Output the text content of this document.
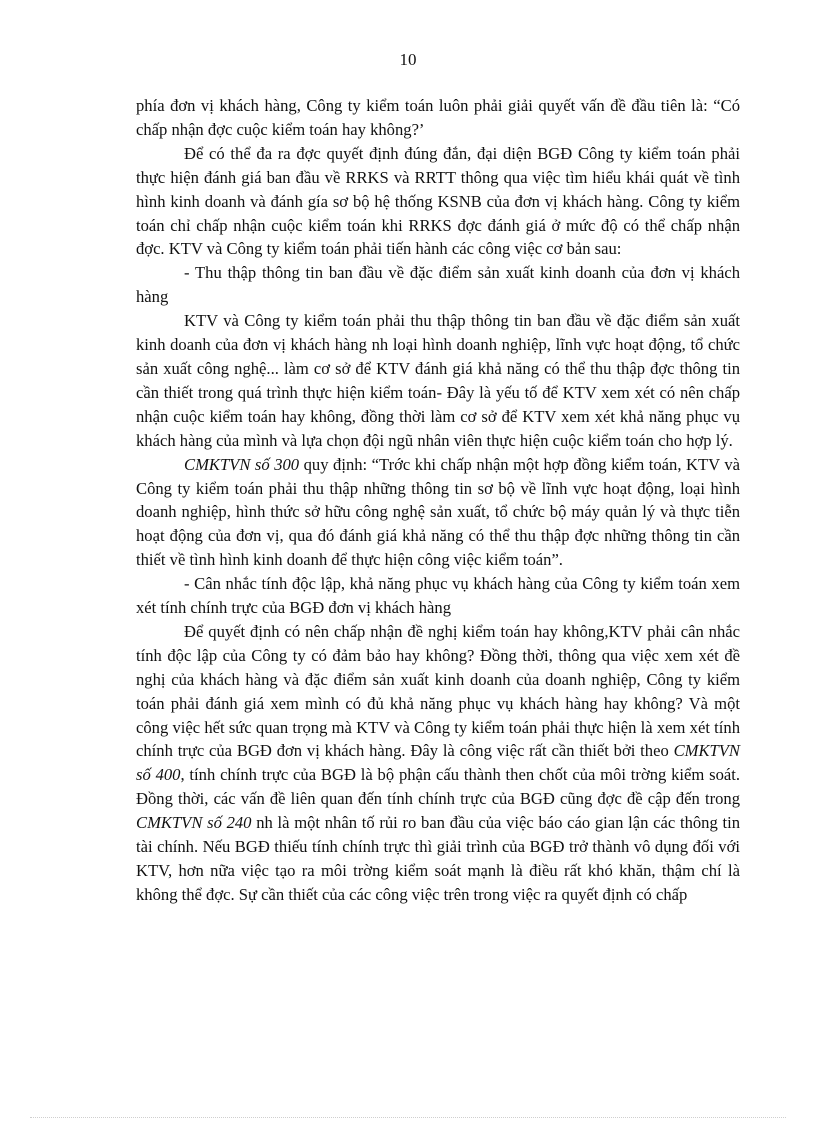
10

phía đơn vị khách hàng, Công ty kiểm toán luôn phải giải quyết vấn đề đầu tiên là: “Có chấp nhận đợc cuộc kiểm toán hay không?’

Để có thể đa ra đợc quyết định đúng đắn, đại diện BGĐ Công ty kiểm toán phải thực hiện đánh giá ban đầu về RRKS và RRTT thông qua việc tìm hiểu khái quát về tình hình kinh doanh và đánh gía sơ bộ hệ thống KSNB của đơn vị khách hàng. Công ty kiểm toán chỉ chấp nhận cuộc kiểm toán khi RRKS đợc đánh giá ở mức độ có thể chấp nhận đợc. KTV và Công ty kiểm toán phải tiến hành các công việc cơ bản sau:

- Thu thập thông tin ban đầu về đặc điểm sản xuất kinh doanh của đơn vị khách hàng

KTV và Công ty kiểm toán phải thu thập thông tin ban đầu về đặc điểm sản xuất kinh doanh của đơn vị khách hàng nh loại hình doanh nghiệp, lĩnh vực hoạt động, tổ chức sản xuất công nghệ... làm cơ sở để KTV đánh giá khả năng có thể thu thập đợc thông tin cần thiết trong quá trình thực hiện kiểm toán- Đây là yếu tố để KTV xem xét có nên chấp nhận cuộc kiểm toán hay không, đồng thời làm cơ sở để KTV xem xét khả năng phục vụ khách hàng của mình và lựa chọn đội ngũ nhân viên thực hiện cuộc kiểm toán cho hợp lý.

CMKTVN số 300 quy định: “Trớc khi chấp nhận một hợp đồng kiểm toán, KTV và Công ty kiểm toán phải thu thập những thông tin sơ bộ về lĩnh vực hoạt động, loại hình doanh nghiệp, hình thức sở hữu công nghệ sản xuất, tổ chức bộ máy quản lý và thực tiễn hoạt động của đơn vị, qua đó đánh giá khả năng có thể thu thập đợc những thông tin cần thiết về tình hình kinh doanh để thực hiện công việc kiểm toán”.

- Cân nhắc tính độc lập, khả năng phục vụ khách hàng của Công ty kiểm toán xem xét tính chính trực của BGĐ đơn vị khách hàng

Để quyết định có nên chấp nhận đề nghị kiểm toán hay không,KTV phải cân nhắc tính độc lập của Công ty có đảm bảo hay không? Đồng thời, thông qua việc xem xét đề nghị của khách hàng và đặc điểm sản xuất kinh doanh của doanh nghiệp, Công ty kiểm toán phải đánh giá xem mình có đủ khả năng phục vụ khách hàng hay không? Và một công việc hết sức quan trọng mà KTV và Công ty kiểm toán phải thực hiện là xem xét tính chính trực của BGĐ đơn vị khách hàng. Đây là công việc rất cần thiết bởi theo CMKTVN số 400, tính chính trực của BGĐ là bộ phận cấu thành then chốt của môi trờng kiểm soát. Đồng thời, các vấn đề liên quan đến tính chính trực của BGĐ cũng đợc đề cập đến trong CMKTVN số 240 nh là một nhân tố rủi ro ban đầu của việc báo cáo gian lận các thông tin tài chính. Nếu BGĐ thiếu tính chính trực thì giải trình của BGĐ trở thành vô dụng đối với KTV, hơn nữa việc tạo ra môi trờng kiểm soát mạnh là điều rất khó khăn, thậm chí là không thể đợc. Sự cần thiết của các công việc trên trong việc ra quyết định có chấp
